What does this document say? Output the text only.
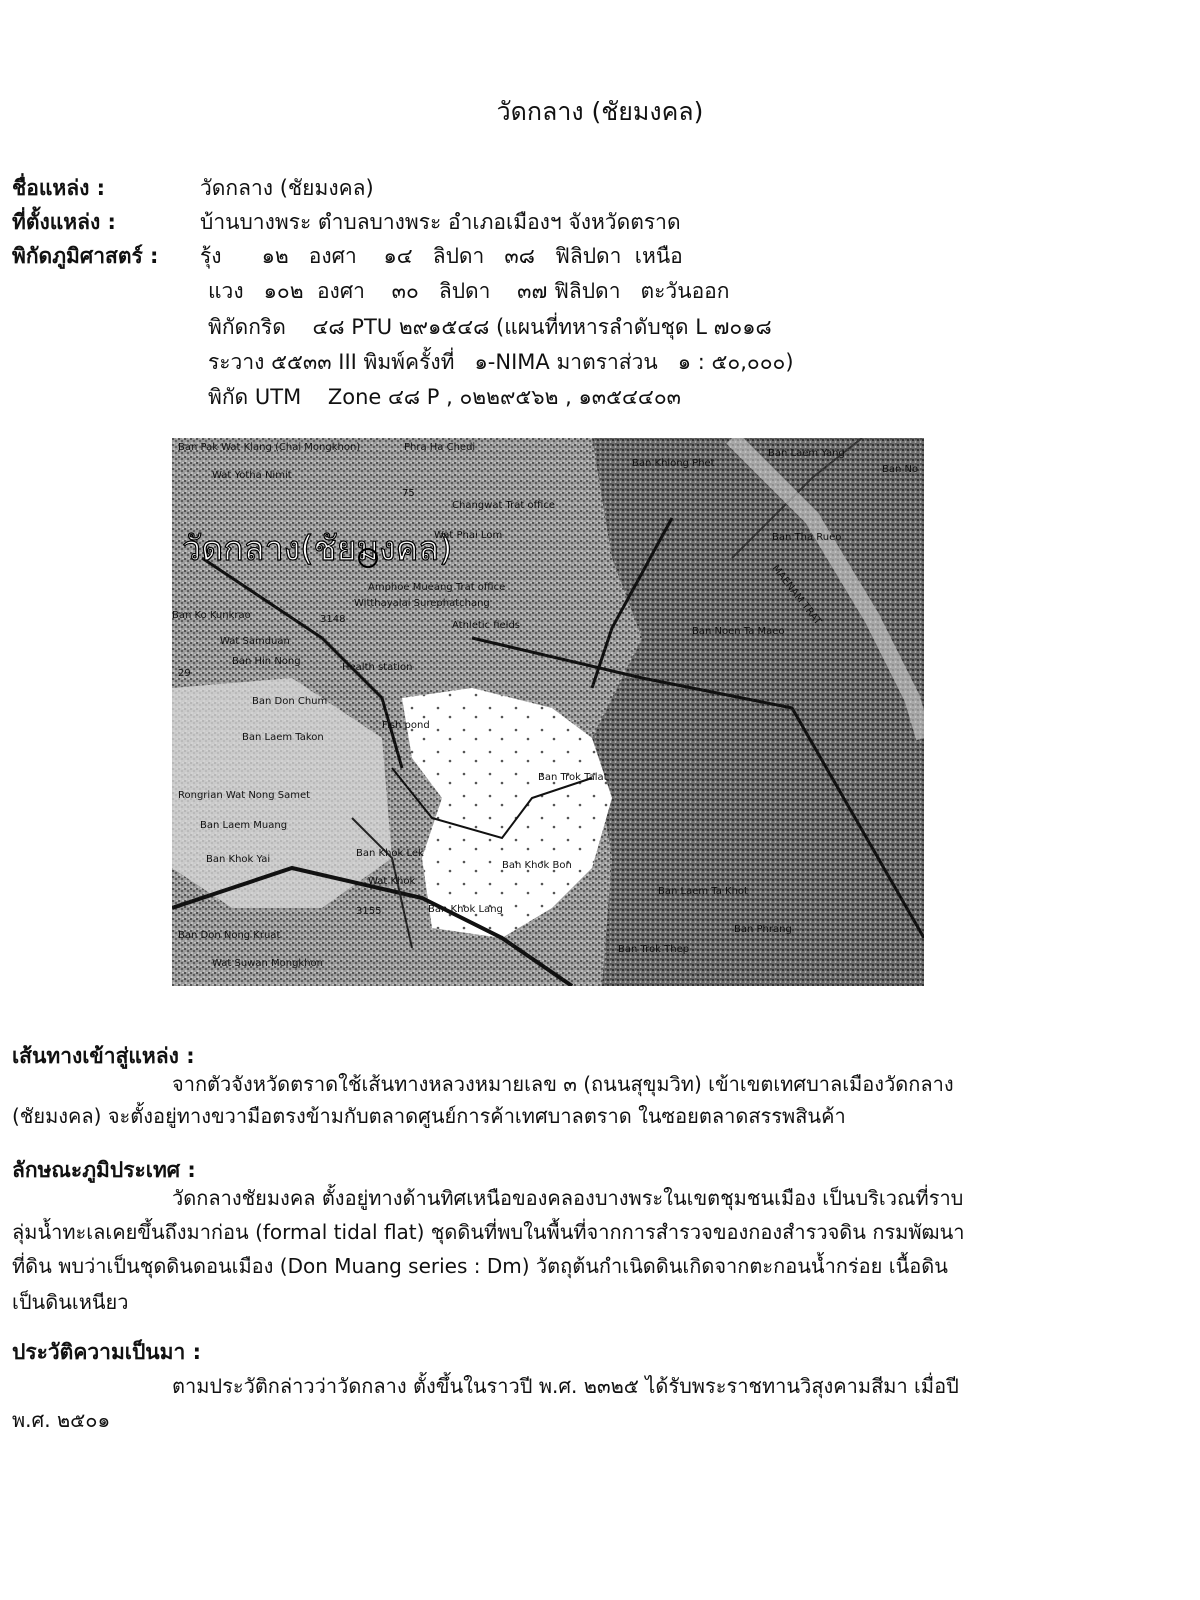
วัดกลาง (ชัยมงคล)
ชื่อแหล่ง :	วัดกลาง (ชัยมงคล)
ที่ตั้งแหล่ง :	บ้านบางพระ ตำบลบางพระ อำเภอเมืองฯ จังหวัดตราด
พิกัดภูมิศาสตร์ : รุ้ง      ๑๒   องศา    ๑๔   ลิปดา   ๓๘   ฟิลิปดา  เหนือ
แวง   ๑๐๒  องศา    ๓๐   ลิปดา    ๓๗ ฟิลิปดา   ตะวันออก
พิกัดกริด    ๔๘ PTU ๒๙๑๕๔๘ (แผนที่ทหารลำดับชุด L ๗๐๑๘
ระวาง ๕๕๓๓ III พิมพ์ครั้งที่   ๑-NIMA มาตราส่วน   ๑ : ๕๐,๐๐๐)
พิกัด UTM    Zone ๔๘ P , ๐๒๒๙๕๖๒ , ๑๓๕๔๔๐๓
วัดกลาง(ชัยมงคล)
Ban Pak Wat Klang (Chai Mongkhon)
Wat Yotha Nimit
Phra Ha Chedi
Ban Khlong Phet
Ban Laem Yang
Ban No
Changwat Trat office
Wat Phai Lom
Amphoe Mueang Trat office
Ban Tha Rueo
Ban Ko Kunkrao
Witthayalai Surephatchang
Wat Samduan
Athletic fields
Ban Noen Ta Maeo
Ban Hin Nong
Health station
Ban Don Chum
Ban Laem Takon
Fish pond
Ban Trok Talat
Rongrian Wat Nong Samet
Ban Laem Muang
Ban Khok Yai
Ban Khok Lek
Wat Khok
Ban Khok Bon
Ban Laem Ta Khot
Ban Khok Lang
Ban Don Nong Kruat
Ban Phrang
Ban Trok Thep
Wat Suwan Mongkhon
MAENAM TRAT
3148
3155
75
29
เส้นทางเข้าสู่แหล่ง :
จากตัวจังหวัดตราดใช้เส้นทางหลวงหมายเลข ๓ (ถนนสุขุมวิท) เข้าเขตเทศบาลเมืองวัดกลาง
(ชัยมงคล) จะตั้งอยู่ทางขวามือตรงข้ามกับตลาดศูนย์การค้าเทศบาลตราด ในซอยตลาดสรรพสินค้า
ลักษณะภูมิประเทศ :
วัดกลางชัยมงคล ตั้งอยู่ทางด้านทิศเหนือของคลองบางพระในเขตชุมชนเมือง เป็นบริเวณที่ราบ
ลุ่มน้ำทะเลเคยขึ้นถึงมาก่อน (formal tidal flat) ชุดดินที่พบในพื้นที่จากการสำรวจของกองสำรวจดิน กรมพัฒนา
ที่ดิน พบว่าเป็นชุดดินดอนเมือง (Don Muang series : Dm) วัตถุต้นกำเนิดดินเกิดจากตะกอนน้ำกร่อย เนื้อดิน
เป็นดินเหนียว
ประวัติความเป็นมา :
ตามประวัติกล่าวว่าวัดกลาง ตั้งขึ้นในราวปี พ.ศ. ๒๓๒๕ ได้รับพระราชทานวิสุงคามสีมา เมื่อปี
พ.ศ. ๒๕๐๑
